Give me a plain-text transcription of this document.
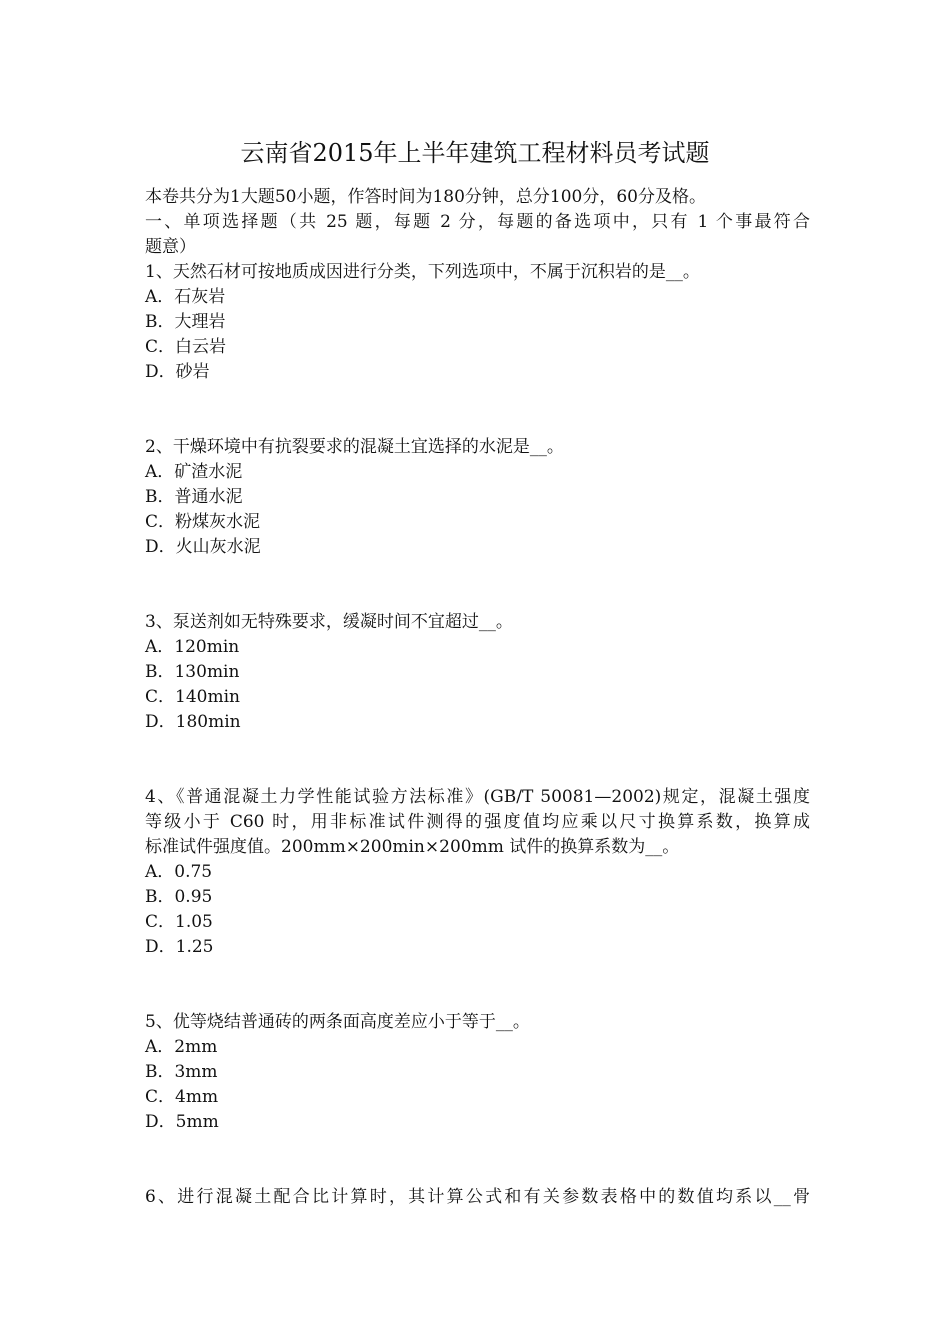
云南省2015年上半年建筑工程材料员考试题
本卷共分为1大题50小题，作答时间为180分钟，总分100分，60分及格。
一、单项选择题（共 25 题，每题 2 分，每题的备选项中，只有 1 个事最符合
题意）
1、天然石材可按地质成因进行分类，下列选项中，不属于沉积岩的是__。
A．石灰岩
B．大理岩
C．白云岩
D．砂岩
2、干燥环境中有抗裂要求的混凝土宜选择的水泥是__。
A．矿渣水泥
B．普通水泥
C．粉煤灰水泥
D．火山灰水泥
3、泵送剂如无特殊要求，缓凝时间不宜超过__。
A．120min
B．130min
C．140min
D．180min
4、《普通混凝土力学性能试验方法标准》(GB/T 50081—2002)规定，混凝土强度
等级小于 C60 时，用非标准试件测得的强度值均应乘以尺寸换算系数，换算成
标准试件强度值。200mm×200min×200mm 试件的换算系数为__。
A．0.75
B．0.95
C．1.05
D．1.25
5、优等烧结普通砖的两条面高度差应小于等于__。
A．2mm
B．3mm
C．4mm
D．5mm
6、进行混凝土配合比计算时，其计算公式和有关参数表格中的数值均系以__骨
